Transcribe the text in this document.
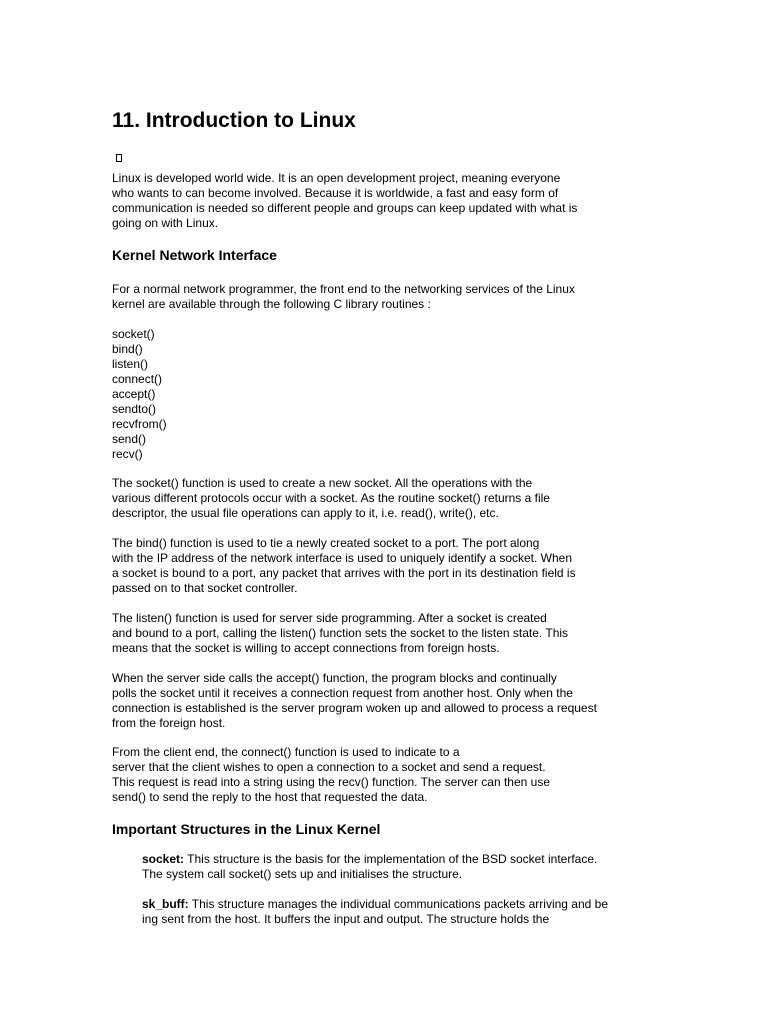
11. Introduction to Linux

Linux is developed world wide. It is an open development project, meaning everyone
who wants to can become involved. Because it is worldwide, a fast and easy form of
communication is needed so different people and groups can keep updated with what is
going on with Linux.

Kernel Network Interface

For a normal network programmer, the front end to the networking services of the Linux
kernel are available through the following C library routines :

socket()
bind()
listen()
connect()
accept()
sendto()
recvfrom()
send()
recv()

The socket() function is used to create a new socket. All the operations with the
various different protocols occur with a socket. As the routine socket() returns a file
descriptor, the usual file operations can apply to it, i.e. read(), write(), etc.

The bind() function is used to tie a newly created socket to a port. The port along
with the IP address of the network interface is used to uniquely identify a socket. When
a socket is bound to a port, any packet that arrives with the port in its destination field is
passed on to that socket controller.

The listen() function is used for server side programming. After a socket is created
and bound to a port, calling the listen() function sets the socket to the listen state. This
means that the socket is willing to accept connections from foreign hosts.

When the server side calls the accept() function, the program blocks and continually
polls the socket until it receives a connection request from another host. Only when the
connection is established is the server program woken up and allowed to process a request
from the foreign host.

From the client end, the connect() function is used to indicate to a
server that the client wishes to open a connection to a socket and send a request.
This request is read into a string using the recv() function. The server can then use
send() to send the reply to the host that requested the data.

Important Structures in the Linux Kernel

socket: This structure is the basis for the implementation of the BSD socket interface.
The system call socket() sets up and initialises the structure.

sk_buff: This structure manages the individual communications packets arriving and be
ing sent from the host. It buffers the input and output. The structure holds the
